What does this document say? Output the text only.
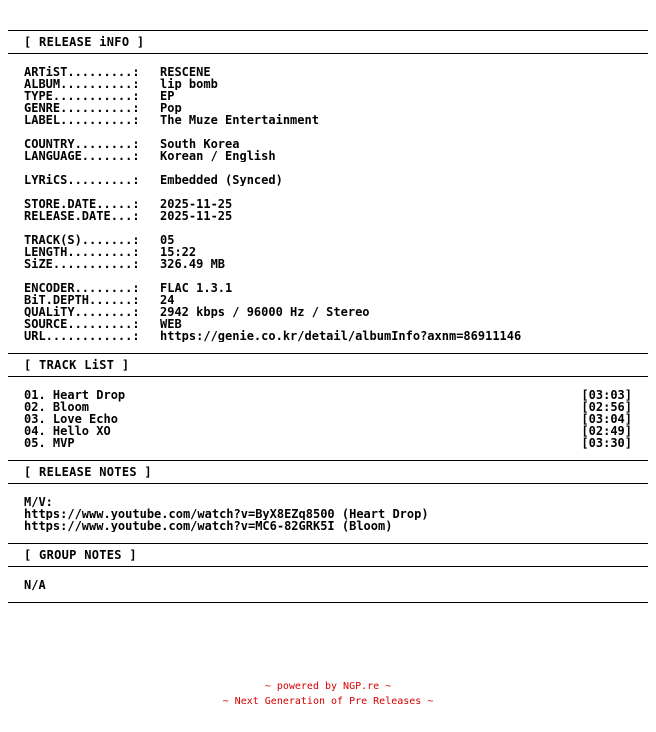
[ RELEASE iNFO ]
ARTiST.........: RESCENE
ALBUM..........: lip bomb
TYPE...........: EP
GENRE..........: Pop
LABEL..........: The Muze Entertainment
COUNTRY........: South Korea
LANGUAGE.......: Korean / English
LYRiCS.........: Embedded (Synced)
STORE.DATE.....: 2025-11-25
RELEASE.DATE...: 2025-11-25
TRACK(S).......: 05
LENGTH.........: 15:22
SiZE...........: 326.49 MB
ENCODER........: FLAC 1.3.1
BiT.DEPTH......: 24
QUALiTY........: 2942 kbps / 96000 Hz / Stereo
SOURCE.........: WEB
URL............: https://genie.co.kr/detail/albumInfo?axnm=86911146
[ TRACK LiST ]
01. Heart Drop	[03:03]
02. Bloom	[02:56]
03. Love Echo	[03:04]
04. Hello XO	[02:49]
05. MVP	[03:30]
[ RELEASE NOTES ]
M/V:
https://www.youtube.com/watch?v=ByX8EZq8500 (Heart Drop)
https://www.youtube.com/watch?v=MC6-82GRK5I (Bloom)
[ GROUP NOTES ]
N/A
~ powered by NGP.re ~
~ Next Generation of Pre Releases ~
